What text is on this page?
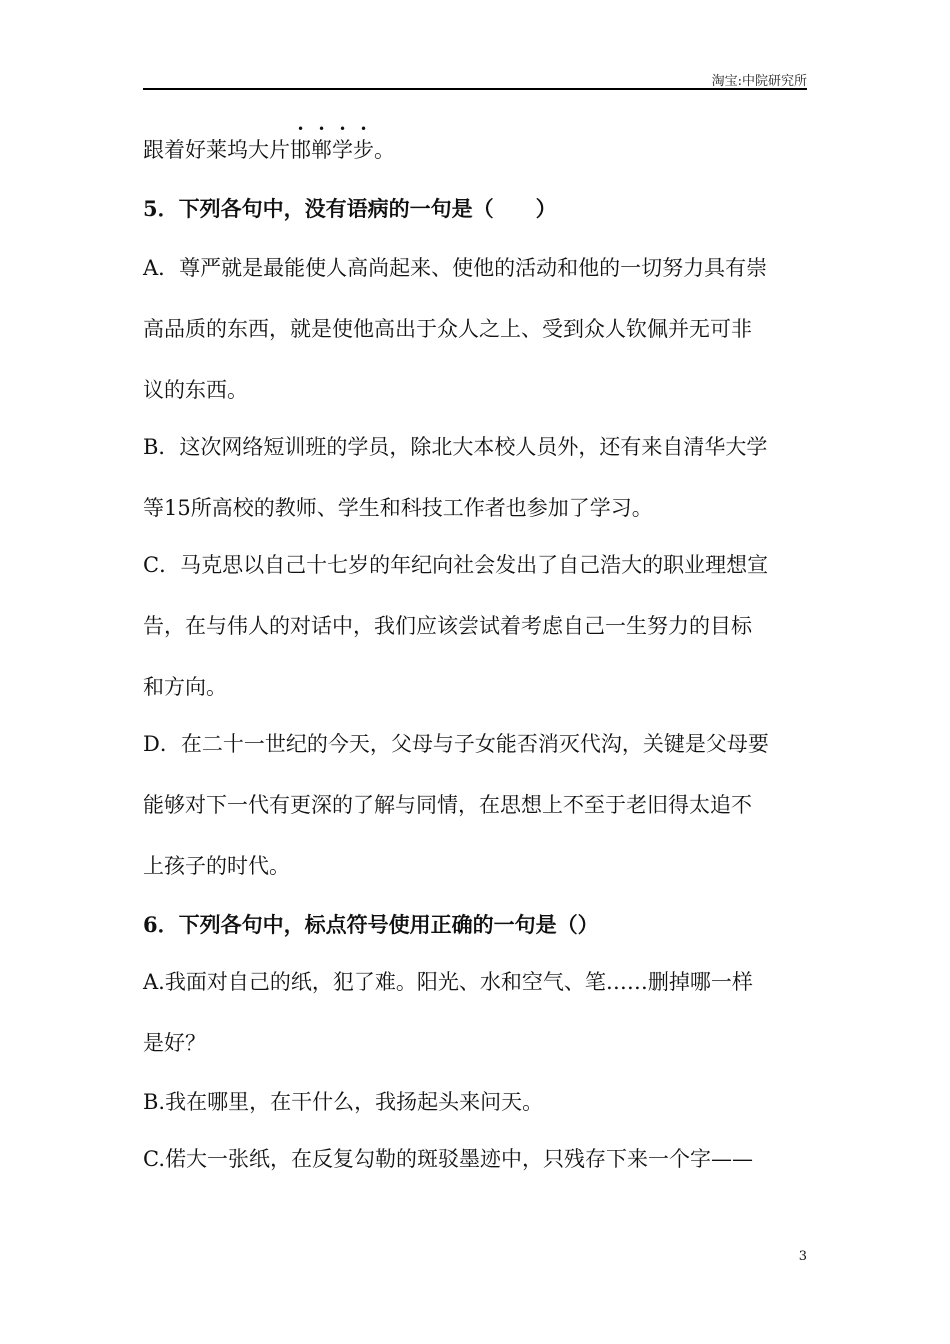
淘宝:中院研究所
跟着好莱坞大片邯郸学步。
5．下列各句中，没有语病的一句是（　　）
A．尊严就是最能使人高尚起来、使他的活动和他的一切努力具有崇
高品质的东西，就是使他高出于众人之上、受到众人钦佩并无可非
议的东西。
B．这次网络短训班的学员，除北大本校人员外，还有来自清华大学
等15所高校的教师、学生和科技工作者也参加了学习。
C．马克思以自己十七岁的年纪向社会发出了自己浩大的职业理想宣
告，在与伟人的对话中，我们应该尝试着考虑自己一生努力的目标
和方向。
D．在二十一世纪的今天，父母与子女能否消灭代沟，关键是父母要
能够对下一代有更深的了解与同情，在思想上不至于老旧得太追不
上孩子的时代。
6．下列各句中，标点符号使用正确的一句是（）
A.我面对自己的纸，犯了难。阳光、水和空气、笔……删掉哪一样
是好？
B.我在哪里，在干什么，我扬起头来问天。
C.偌大一张纸，在反复勾勒的斑驳墨迹中，只残存下来一个字——
3
